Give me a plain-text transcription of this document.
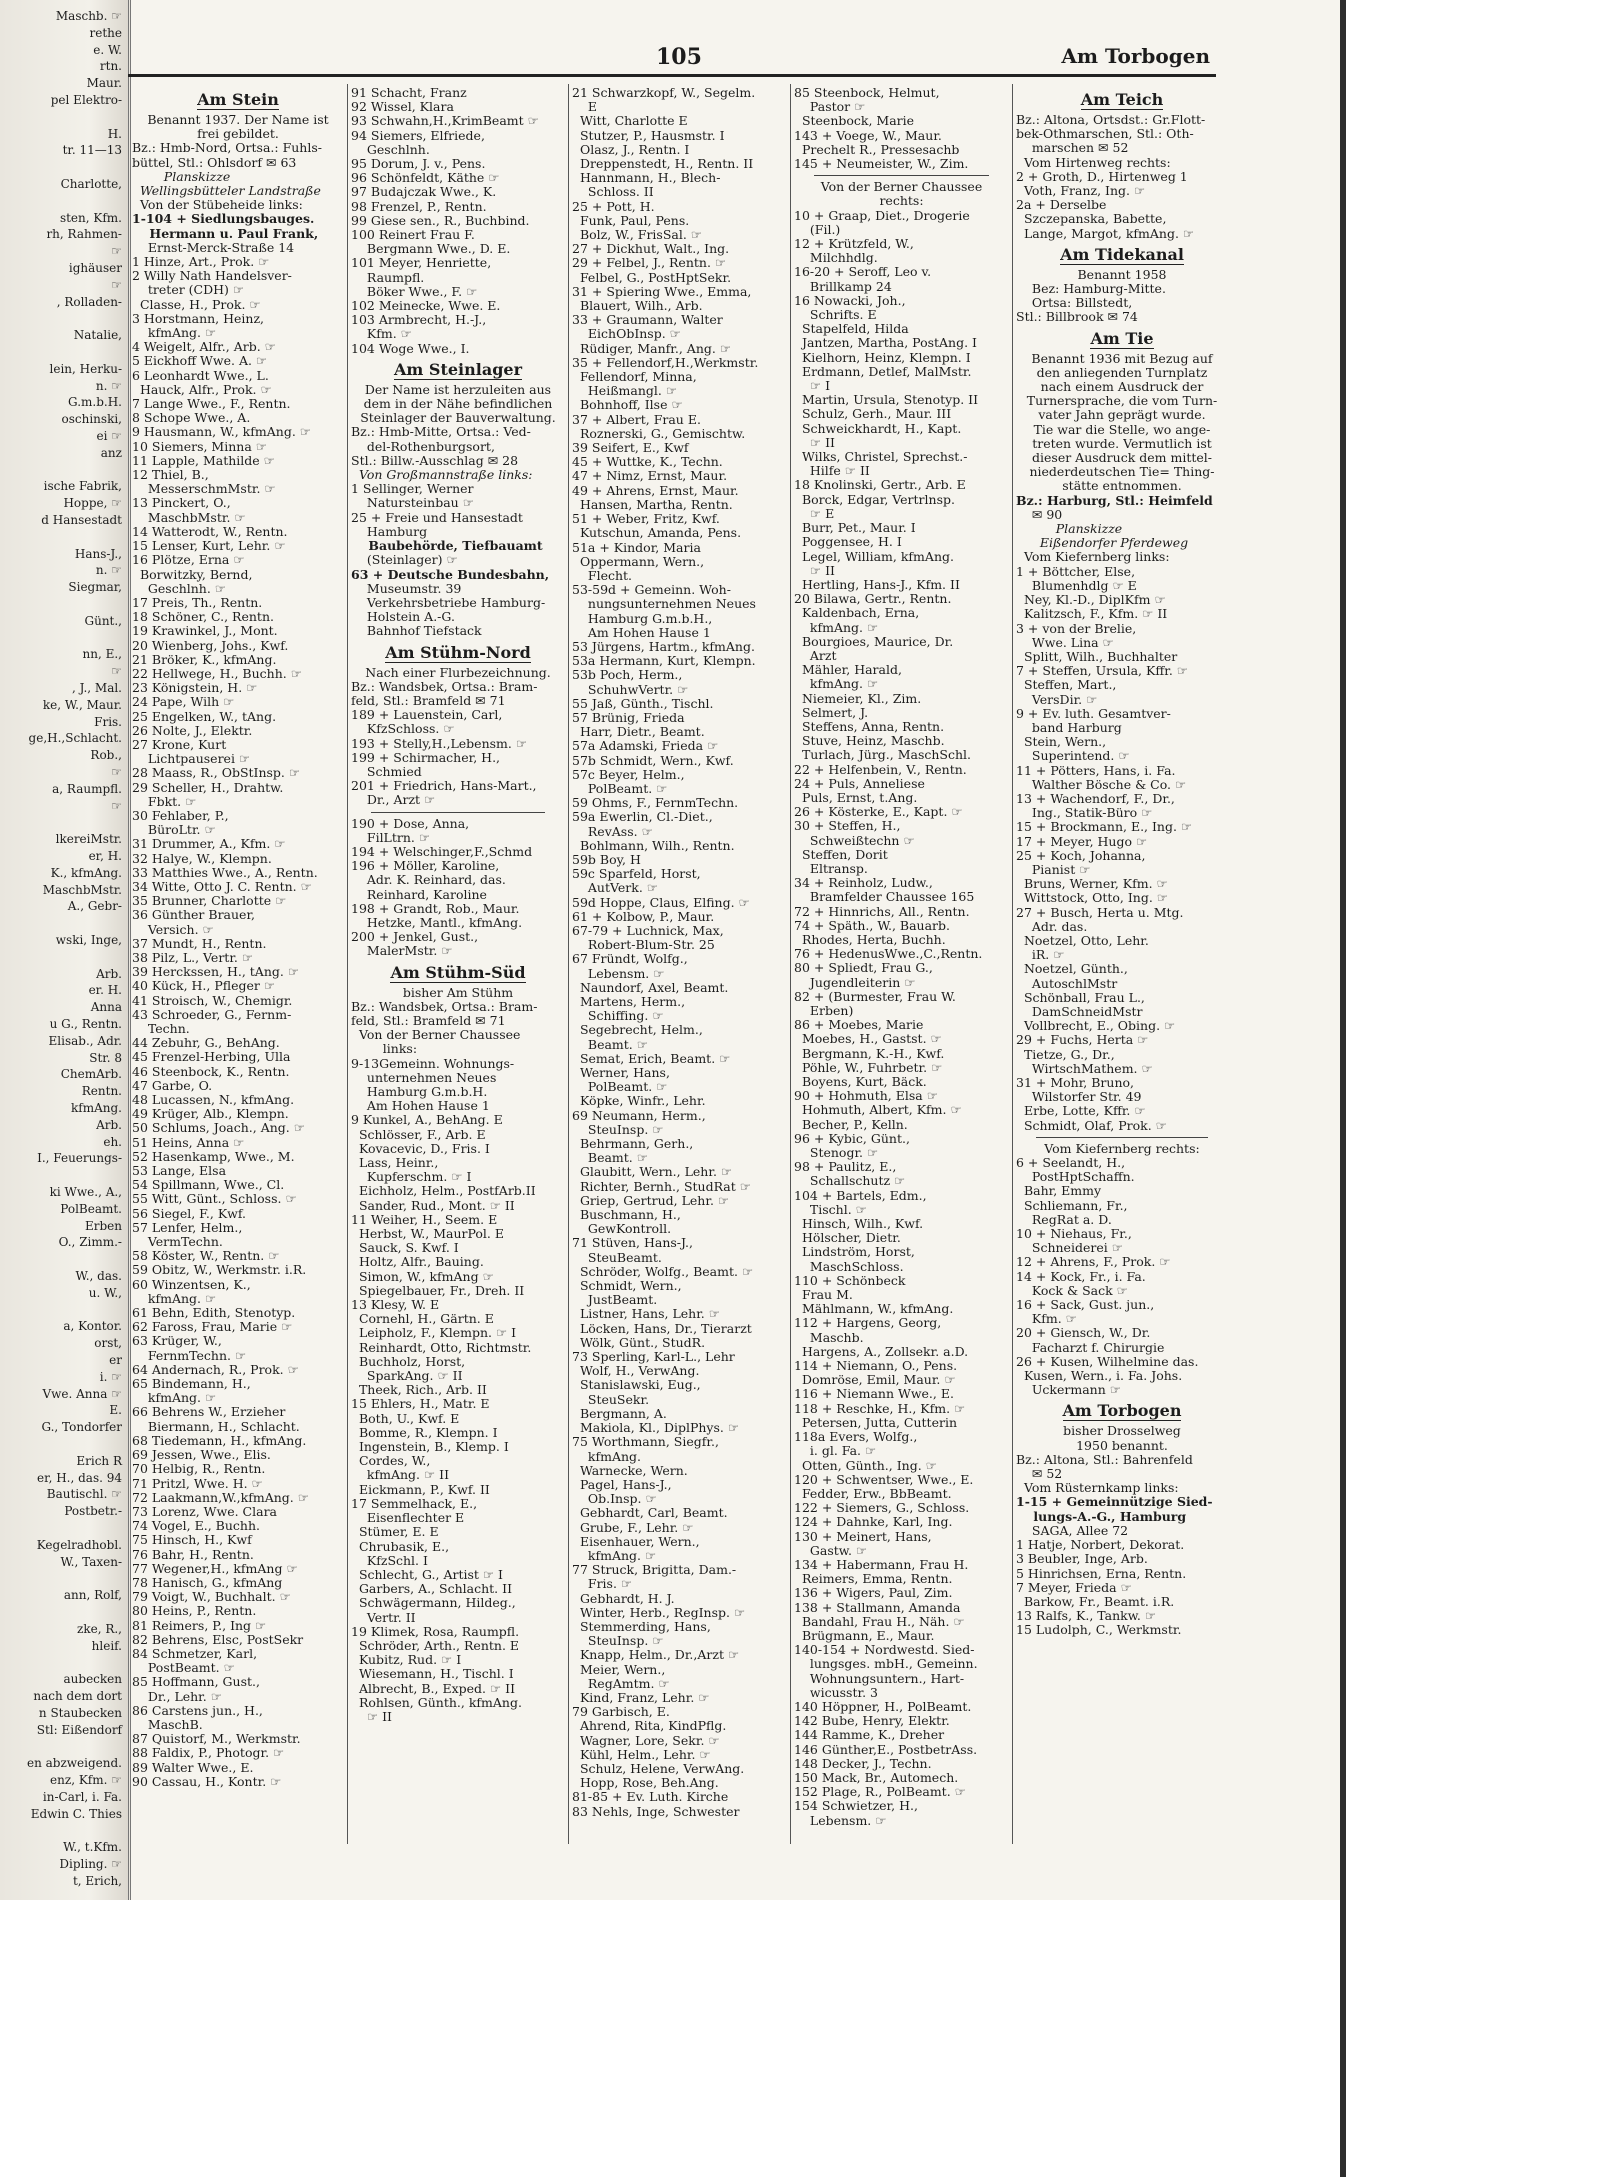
Maschb. ☞
rethe
e. W.
rtn.
Maur.
pel Elektro-
H.
tr. 11—13
Charlotte,
sten, Kfm.
rh, Rahmen-
☞
ighäuser
☞
, Rolladen-
Natalie,
lein, Herku-
n. ☞
G.m.b.H.
oschinski,
ei ☞
anz
ische Fabrik,
Hoppe, ☞
d Hansestadt
Hans-J.,
n. ☞
Siegmar,
Günt.,
nn, E.,
☞
, J., Mal.
ke, W., Maur.
Fris.
ge,H.,Schlacht.
Rob.,
☞
a, Raumpfl.
☞
lkereiMstr.
er, H.
K., kfmAng.
MaschbMstr.
A., Gebr-
wski, Inge,
Arb.
er. H.
Anna
u G., Rentn.
Elisab., Adr.
Str. 8
ChemArb.
Rentn.
kfmAng.
Arb.
eh.
I., Feuerungs-
ki Wwe., A.,
PolBeamt.
Erben
O., Zimm.-
W., das.
u. W.,
a, Kontor.
orst,
er
i. ☞
Vwe. Anna ☞
E.
G., Tondorfer
Erich R
er, H., das. 94
Bautischl. ☞
Postbetr.-
Kegelradhobl.
W., Taxen-
ann, Rolf,
zke, R.,
hleif.
aubecken
nach dem dort
n Staubecken
Stl: Eißendorf
en abzweigend.
enz, Kfm. ☞
in-Carl, i. Fa.
Edwin C. Thies
W., t.Kfm.
Dipling. ☞
t, Erich,
105	Am Torbogen
Am Stein
Benannt 1937. Der Name ist
frei gebildet.
Bz.: Hmb-Nord, Ortsa.: Fuhls-
büttel, Stl.: Ohlsdorf ✉ 63
Planskizze
Wellingsbütteler Landstraße
Von der Stübeheide links:
1-104 + Siedlungsbauges.
Hermann u. Paul Frank,
Ernst-Merck-Straße 14
1 Hinze, Art., Prok. ☞
2 Willy Nath Handelsver-
treter (CDH) ☞
Classe, H., Prok. ☞
3 Horstmann, Heinz,
kfmAng. ☞
4 Weigelt, Alfr., Arb. ☞
5 Eickhoff Wwe. A. ☞
6 Leonhardt Wwe., L.
Hauck, Alfr., Prok. ☞
7 Lange Wwe., F., Rentn.
8 Schope Wwe., A.
9 Hausmann, W., kfmAng. ☞
10 Siemers, Minna ☞
11 Lapple, Mathilde ☞
12 Thiel, B.,
MesserschmMstr. ☞
13 Pinckert, O.,
MaschbMstr. ☞
14 Watterodt, W., Rentn.
15 Lenser, Kurt, Lehr. ☞
16 Plötze, Erna ☞
Borwitzky, Bernd,
Geschlnh. ☞
17 Preis, Th., Rentn.
18 Schöner, C., Rentn.
19 Krawinkel, J., Mont.
20 Wienberg, Johs., Kwf.
21 Bröker, K., kfmAng.
22 Hellwege, H., Buchh. ☞
23 Königstein, H. ☞
24 Pape, Wilh ☞
25 Engelken, W., tAng.
26 Nolte, J., Elektr.
27 Krone, Kurt
Lichtpauserei ☞
28 Maass, R., ObStInsp. ☞
29 Scheller, H., Drahtw.
Fbkt. ☞
30 Fehlaber, P.,
BüroLtr. ☞
31 Drummer, A., Kfm. ☞
32 Halye, W., Klempn.
33 Matthies Wwe., A., Rentn.
34 Witte, Otto J. C. Rentn. ☞
35 Brunner, Charlotte ☞
36 Günther Brauer,
Versich. ☞
37 Mundt, H., Rentn.
38 Pilz, L., Vertr. ☞
39 Herckssen, H., tAng. ☞
40 Kück, H., Pfleger ☞
41 Stroisch, W., Chemigr.
43 Schroeder, G., Fernm-
Techn.
44 Zebuhr, G., BehAng.
45 Frenzel-Herbing, Ulla
46 Steenbock, K., Rentn.
47 Garbe, O.
48 Lucassen, N., kfmAng.
49 Krüger, Alb., Klempn.
50 Schlums, Joach., Ang. ☞
51 Heins, Anna ☞
52 Hasenkamp, Wwe., M.
53 Lange, Elsa
54 Spillmann, Wwe., Cl.
55 Witt, Günt., Schloss. ☞
56 Siegel, F., Kwf.
57 Lenfer, Helm.,
VermTechn.
58 Köster, W., Rentn. ☞
59 Obitz, W., Werkmstr. i.R.
60 Winzentsen, K.,
kfmAng. ☞
61 Behn, Edith, Stenotyp.
62 Faross, Frau, Marie ☞
63 Krüger, W.,
FernmTechn. ☞
64 Andernach, R., Prok. ☞
65 Bindemann, H.,
kfmAng. ☞
66 Behrens W., Erzieher
Biermann, H., Schlacht.
68 Tiedemann, H., kfmAng.
69 Jessen, Wwe., Elis.
70 Helbig, R., Rentn.
71 Pritzl, Wwe. H. ☞
72 Laakmann,W.,kfmAng. ☞
73 Lorenz, Wwe. Clara
74 Vogel, E., Buchh.
75 Hinsch, H., Kwf
76 Bahr, H., Rentn.
77 Wegener,H., kfmAng ☞
78 Hanisch, G., kfmAng
79 Voigt, W., Buchhalt. ☞
80 Heins, P., Rentn.
81 Reimers, P., Ing ☞
82 Behrens, Elsc, PostSekr
84 Schmetzer, Karl,
PostBeamt. ☞
85 Hoffmann, Gust.,
Dr., Lehr. ☞
86 Carstens jun., H.,
MaschB.
87 Quistorf, M., Werkmstr.
88 Faldix, P., Photogr. ☞
89 Walter Wwe., E.
90 Cassau, H., Kontr. ☞
91 Schacht, Franz
92 Wissel, Klara
93 Schwahn,H.,KrimBeamt ☞
94 Siemers, Elfriede,
Geschlnh.
95 Dorum, J. v., Pens.
96 Schönfeldt, Käthe ☞
97 Budajczak Wwe., K.
98 Frenzel, P., Rentn.
99 Giese sen., R., Buchbind.
100 Reinert Frau F.
Bergmann Wwe., D. E.
101 Meyer, Henriette,
Raumpfl.
Böker Wwe., F. ☞
102 Meinecke, Wwe. E.
103 Armbrecht, H.-J.,
Kfm. ☞
104 Woge Wwe., I.
Am Steinlager
Der Name ist herzuleiten aus
dem in der Nähe befindlichen
Steinlager der Bauverwaltung.
Bz.: Hmb-Mitte, Ortsa.: Ved-
del-Rothenburgsort,
Stl.: Billw.-Ausschlag ✉ 28
Von Großmannstraße links:
1 Sellinger, Werner
Natursteinbau ☞
25 + Freie und Hansestadt
Hamburg
Baubehörde, Tiefbauamt
(Steinlager) ☞
63 + Deutsche Bundesbahn,
Museumstr. 39
Verkehrsbetriebe Hamburg-
Holstein A.-G.
Bahnhof Tiefstack
Am Stühm-Nord
Nach einer Flurbezeichnung.
Bz.: Wandsbek, Ortsa.: Bram-
feld, Stl.: Bramfeld ✉ 71
189 + Lauenstein, Carl,
KfzSchloss. ☞
193 + Stelly,H.,Lebensm. ☞
199 + Schirmacher, H.,
Schmied
201 + Friedrich, Hans-Mart.,
Dr., Arzt ☞
190 + Dose, Anna,
FilLtrn. ☞
194 + Welschinger,F.,Schmd
196 + Möller, Karoline,
Adr. K. Reinhard, das.
Reinhard, Karoline
198 + Grandt, Rob., Maur.
Hetzke, Mantl., kfmAng.
200 + Jenkel, Gust.,
MalerMstr. ☞
Am Stühm-Süd
bisher Am Stühm
Bz.: Wandsbek, Ortsa.: Bram-
feld, Stl.: Bramfeld ✉ 71
Von der Berner Chaussee
links:
9-13Gemeinn. Wohnungs-
unternehmen Neues
Hamburg G.m.b.H.
Am Hohen Hause 1
9 Kunkel, A., BehAng. E
Schlösser, F., Arb. E
Kovacevic, D., Fris. I
Lass, Heinr.,
Kupferschm. ☞ I
Eichholz, Helm., PostfArb.II
Sander, Rud., Mont. ☞ II
11 Weiher, H., Seem. E
Herbst, W., MaurPol. E
Sauck, S. Kwf. I
Holtz, Alfr., Bauing.
Simon, W., kfmAng ☞
Spiegelbauer, Fr., Dreh. II
13 Klesy, W. E
Cornehl, H., Gärtn. E
Leipholz, F., Klempn. ☞ I
Reinhardt, Otto, Richtmstr.
Buchholz, Horst,
SparkAng. ☞ II
Theek, Rich., Arb. II
15 Ehlers, H., Matr. E
Both, U., Kwf. E
Bomme, R., Klempn. I
Ingenstein, B., Klemp. I
Cordes, W.,
kfmAng. ☞ II
Eickmann, P., Kwf. II
17 Semmelhack, E.,
Eisenflechter E
Stümer, E. E
Chrubasik, E.,
KfzSchl. I
Schlecht, G., Artist ☞ I
Garbers, A., Schlacht. II
Schwägermann, Hildeg.,
Vertr. II
19 Klimek, Rosa, Raumpfl.
Schröder, Arth., Rentn. E
Kubitz, Rud. ☞ I
Wiesemann, H., Tischl. I
Albrecht, B., Exped. ☞ II
Rohlsen, Günth., kfmAng.
☞ II
21 Schwarzkopf, W., Segelm.
E
Witt, Charlotte E
Stutzer, P., Hausmstr. I
Olasz, J., Rentn. I
Dreppenstedt, H., Rentn. II
Hannmann, H., Blech-
Schloss. II
25 + Pott, H.
Funk, Paul, Pens.
Bolz, W., FrisSal. ☞
27 + Dickhut, Walt., Ing.
29 + Felbel, J., Rentn. ☞
Felbel, G., PostHptSekr.
31 + Spiering Wwe., Emma,
Blauert, Wilh., Arb.
33 + Graumann, Walter
EichObInsp. ☞
Rüdiger, Manfr., Ang. ☞
35 + Fellendorf,H.,Werkmstr.
Fellendorf, Minna,
Heißmangl. ☞
Bohnhoff, Ilse ☞
37 + Albert, Frau E.
Roznerski, G., Gemischtw.
39 Seifert, E., Kwf
45 + Wuttke, K., Techn.
47 + Nimz, Ernst, Maur.
49 + Ahrens, Ernst, Maur.
Hansen, Martha, Rentn.
51 + Weber, Fritz, Kwf.
Kutschun, Amanda, Pens.
51a + Kindor, Maria
Oppermann, Wern.,
Flecht.
53-59d + Gemeinn. Woh-
nungsunternehmen Neues
Hamburg G.m.b.H.,
Am Hohen Hause 1
53 Jürgens, Hartm., kfmAng.
53a Hermann, Kurt, Klempn.
53b Poch, Herm.,
SchuhwVertr. ☞
55 Jaß, Günth., Tischl.
57 Brünig, Frieda
Harr, Dietr., Beamt.
57a Adamski, Frieda ☞
57b Schmidt, Wern., Kwf.
57c Beyer, Helm.,
PolBeamt. ☞
59 Ohms, F., FernmTechn.
59a Ewerlin, Cl.-Diet.,
RevAss. ☞
Bohlmann, Wilh., Rentn.
59b Boy, H
59c Sparfeld, Horst,
AutVerk. ☞
59d Hoppe, Claus, Elfing. ☞
61 + Kolbow, P., Maur.
67-79 + Luchnick, Max,
Robert-Blum-Str. 25
67 Fründt, Wolfg.,
Lebensm. ☞
Naundorf, Axel, Beamt.
Martens, Herm.,
Schiffing. ☞
Segebrecht, Helm.,
Beamt. ☞
Semat, Erich, Beamt. ☞
Werner, Hans,
PolBeamt. ☞
Köpke, Winfr., Lehr.
69 Neumann, Herm.,
SteuInsp. ☞
Behrmann, Gerh.,
Beamt. ☞
Glaubitt, Wern., Lehr. ☞
Richter, Bernh., StudRat ☞
Griep, Gertrud, Lehr. ☞
Buschmann, H.,
GewKontroll.
71 Stüven, Hans-J.,
SteuBeamt.
Schröder, Wolfg., Beamt. ☞
Schmidt, Wern.,
JustBeamt.
Listner, Hans, Lehr. ☞
Löcken, Hans, Dr., Tierarzt
Wölk, Günt., StudR.
73 Sperling, Karl-L., Lehr
Wolf, H., VerwAng.
Stanislawski, Eug.,
SteuSekr.
Bergmann, A.
Makiola, Kl., DiplPhys. ☞
75 Worthmann, Siegfr.,
kfmAng.
Warnecke, Wern.
Pagel, Hans-J.,
Ob.Insp. ☞
Gebhardt, Carl, Beamt.
Grube, F., Lehr. ☞
Eisenhauer, Wern.,
kfmAng. ☞
77 Struck, Brigitta, Dam.-
Fris. ☞
Gebhardt, H. J.
Winter, Herb., RegInsp. ☞
Stemmerding, Hans,
SteuInsp. ☞
Knapp, Helm., Dr.,Arzt ☞
Meier, Wern.,
RegAmtm. ☞
Kind, Franz, Lehr. ☞
79 Garbisch, E.
Ahrend, Rita, KindPflg.
Wagner, Lore, Sekr. ☞
Kühl, Helm., Lehr. ☞
Schulz, Helene, VerwAng.
Hopp, Rose, Beh.Ang.
81-85 + Ev. Luth. Kirche
83 Nehls, Inge, Schwester
85 Steenbock, Helmut,
Pastor ☞
Steenbock, Marie
143 + Voege, W., Maur.
Prechelt R., Pressesachb
145 + Neumeister, W., Zim.
Von der Berner Chaussee
rechts:
10 + Graap, Diet., Drogerie
(Fil.)
12 + Krützfeld, W.,
Milchhdlg.
16-20 + Seroff, Leo v.
Brillkamp 24
16 Nowacki, Joh.,
Schrifts. E
Stapelfeld, Hilda
Jantzen, Martha, PostAng. I
Kielhorn, Heinz, Klempn. I
Erdmann, Detlef, MalMstr.
☞ I
Martin, Ursula, Stenotyp. II
Schulz, Gerh., Maur. III
Schweickhardt, H., Kapt.
☞ II
Wilks, Christel, Sprechst.-
Hilfe ☞ II
18 Knolinski, Gertr., Arb. E
Borck, Edgar, Vertrlnsp.
☞ E
Burr, Pet., Maur. I
Poggensee, H. I
Legel, William, kfmAng.
☞ II
Hertling, Hans-J., Kfm. II
20 Bilawa, Gertr., Rentn.
Kaldenbach, Erna,
kfmAng. ☞
Bourgioes, Maurice, Dr.
Arzt
Mähler, Harald,
kfmAng. ☞
Niemeier, Kl., Zim.
Selmert, J.
Steffens, Anna, Rentn.
Stuve, Heinz, Maschb.
Turlach, Jürg., MaschSchl.
22 + Helfenbein, V., Rentn.
24 + Puls, Anneliese
Puls, Ernst, t.Ang.
26 + Kösterke, E., Kapt. ☞
30 + Steffen, H.,
Schweißtechn ☞
Steffen, Dorit
Eltransp.
34 + Reinholz, Ludw.,
Bramfelder Chaussee 165
72 + Hinnrichs, All., Rentn.
74 + Späth., W., Bauarb.
Rhodes, Herta, Buchh.
76 + HedenusWwe.,C.,Rentn.
80 + Spliedt, Frau G.,
Jugendleiterin ☞
82 + (Burmester, Frau W.
Erben)
86 + Moebes, Marie
Moebes, H., Gastst. ☞
Bergmann, K.-H., Kwf.
Pöhle, W., Fuhrbetr. ☞
Boyens, Kurt, Bäck.
90 + Hohmuth, Elsa ☞
Hohmuth, Albert, Kfm. ☞
Becher, P., Kelln.
96 + Kybic, Günt.,
Stenogr. ☞
98 + Paulitz, E.,
Schallschutz ☞
104 + Bartels, Edm.,
Tischl. ☞
Hinsch, Wilh., Kwf.
Hölscher, Dietr.
Lindström, Horst,
MaschSchloss.
110 + Schönbeck
Frau M.
Mählmann, W., kfmAng.
112 + Hargens, Georg,
Maschb.
Hargens, A., Zollsekr. a.D.
114 + Niemann, O., Pens.
Domröse, Emil, Maur. ☞
116 + Niemann Wwe., E.
118 + Reschke, H., Kfm. ☞
Petersen, Jutta, Cutterin
118a Evers, Wolfg.,
i. gl. Fa. ☞
Otten, Günth., Ing. ☞
120 + Schwentser, Wwe., E.
Fedder, Erw., BbBeamt.
122 + Siemers, G., Schloss.
124 + Dahnke, Karl, Ing.
130 + Meinert, Hans,
Gastw. ☞
134 + Habermann, Frau H.
Reimers, Emma, Rentn.
136 + Wigers, Paul, Zim.
138 + Stallmann, Amanda
Bandahl, Frau H., Näh. ☞
Brügmann, E., Maur.
140-154 + Nordwestd. Sied-
lungsges. mbH., Gemeinn.
Wohnungsuntern., Hart-
wicusstr. 3
140 Höppner, H., PolBeamt.
142 Bube, Henry, Elektr.
144 Ramme, K., Dreher
146 Günther,E., PostbetrAss.
148 Decker, J., Techn.
150 Mack, Br., Automech.
152 Plage, R., PolBeamt. ☞
154 Schwietzer, H.,
Lebensm. ☞
Am Teich
Bz.: Altona, Ortsdst.: Gr.Flott-
bek-Othmarschen, Stl.: Oth-
marschen ✉ 52
Vom Hirtenweg rechts:
2 + Groth, D., Hirtenweg 1
Voth, Franz, Ing. ☞
2a + Derselbe
Szczepanska, Babette,
Lange, Margot, kfmAng. ☞
Am Tidekanal
Benannt 1958
Bez: Hamburg-Mitte.
Ortsa: Billstedt,
Stl.: Billbrook ✉ 74
Am Tie
Benannt 1936 mit Bezug auf
den anliegenden Turnplatz
nach einem Ausdruck der
Turnersprache, die vom Turn-
vater Jahn geprägt wurde.
Tie war die Stelle, wo ange-
treten wurde. Vermutlich ist
dieser Ausdruck dem mittel-
niederdeutschen Tie= Thing-
stätte entnommen.
Bz.: Harburg, Stl.: Heimfeld
✉ 90
Planskizze
Eißendorfer Pferdeweg
Vom Kiefernberg links:
1 + Böttcher, Else,
Blumenhdlg ☞ E
Ney, Kl.-D., DiplKfm ☞
Kalitzsch, F., Kfm. ☞ II
3 + von der Brelie,
Wwe. Lina ☞
Splitt, Wilh., Buchhalter
7 + Steffen, Ursula, Kffr. ☞
Steffen, Mart.,
VersDir. ☞
9 + Ev. luth. Gesamtver-
band Harburg
Stein, Wern.,
Superintend. ☞
11 + Pötters, Hans, i. Fa.
Walther Bösche & Co. ☞
13 + Wachendorf, F., Dr.,
Ing., Statik-Büro ☞
15 + Brockmann, E., Ing. ☞
17 + Meyer, Hugo ☞
25 + Koch, Johanna,
Pianist ☞
Bruns, Werner, Kfm. ☞
Wittstock, Otto, Ing. ☞
27 + Busch, Herta u. Mtg.
Adr. das.
Noetzel, Otto, Lehr.
iR. ☞
Noetzel, Günth.,
AutoschlMstr
Schönball, Frau L.,
DamSchneidMstr
Vollbrecht, E., Obing. ☞
29 + Fuchs, Herta ☞
Tietze, G., Dr.,
WirtschMathem. ☞
31 + Mohr, Bruno,
Wilstorfer Str. 49
Erbe, Lotte, Kffr. ☞
Schmidt, Olaf, Prok. ☞
Vom Kiefernberg rechts:
6 + Seelandt, H.,
PostHptSchaffn.
Bahr, Emmy
Schliemann, Fr.,
RegRat a. D.
10 + Niehaus, Fr.,
Schneiderei ☞
12 + Ahrens, F., Prok. ☞
14 + Kock, Fr., i. Fa.
Kock & Sack ☞
16 + Sack, Gust. jun.,
Kfm. ☞
20 + Giensch, W., Dr.
Facharzt f. Chirurgie
26 + Kusen, Wilhelmine das.
Kusen, Wern., i. Fa. Johs.
Uckermann ☞
Am Torbogen
bisher Drosselweg
1950 benannt.
Bz.: Altona, Stl.: Bahrenfeld
✉ 52
Vom Rüsternkamp links:
1-15 + Gemeinnützige Sied-
lungs-A.-G., Hamburg
SAGA, Allee 72
1 Hatje, Norbert, Dekorat.
3 Beubler, Inge, Arb.
5 Hinrichsen, Erna, Rentn.
7 Meyer, Frieda ☞
Barkow, Fr., Beamt. i.R.
13 Ralfs, K., Tankw. ☞
15 Ludolph, C., Werkmstr.
